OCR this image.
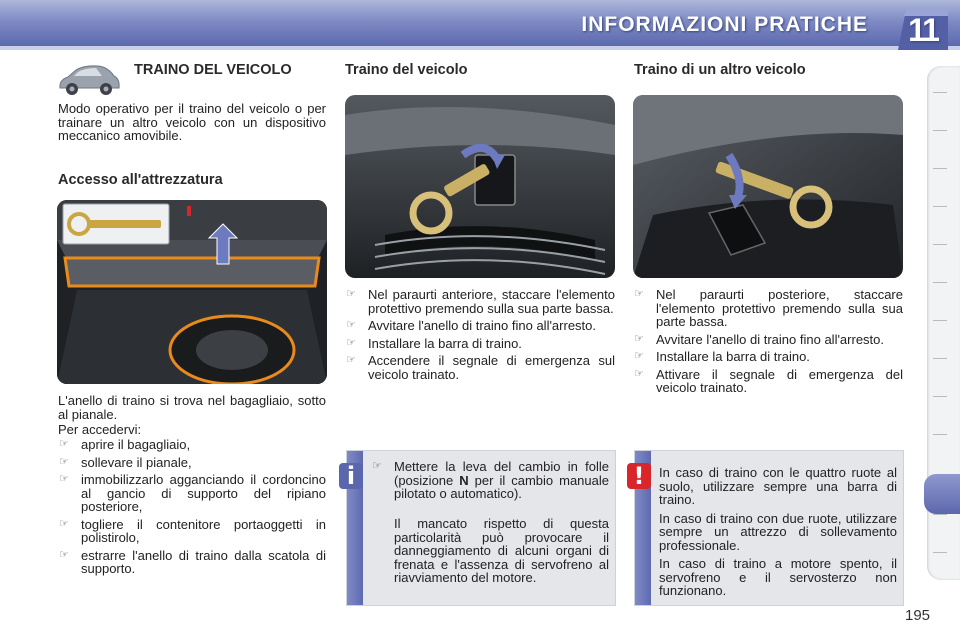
INFORMAZIONI PRATICHE	11
TRAINO DEL VEICOLO
Modo operativo per il traino del veicolo o per trainare un altro veicolo con un dispositivo meccanico amovibile.
Accesso all'attrezzatura
L'anello di traino si trova nel bagagliaio, sotto al pianale.
Per accedervi:
☞ aprire il bagagliaio,
☞ sollevare il pianale,
☞ immobilizzarlo agganciando il cordoncino al gancio di supporto del ripiano posteriore,
☞ togliere il contenitore portaoggetti in polistirolo,
☞ estrarre l'anello di traino dalla scatola di supporto.
Traino del veicolo
☞ Nel paraurti anteriore, staccare l'elemento protettivo premendo sulla sua parte bassa.
☞ Avvitare l'anello di traino fino all'arresto.
☞ Installare la barra di traino.
☞ Accendere il segnale di emergenza sul veicolo trainato.
Traino di un altro veicolo
☞ Nel paraurti posteriore, staccare l'elemento protettivo premendo sulla sua parte bassa.
☞ Avvitare l'anello di traino fino all'arresto.
☞ Installare la barra di traino.
☞ Attivare il segnale di emergenza del veicolo trainato.
i	☞ Mettere la leva del cambio in folle (posizione N per il cambio manuale pilotato o automatico).
Il mancato rispetto di questa particolarità può provocare il danneggiamento di alcuni organi di frenata e l'assenza di servofreno al riavviamento del motore.
!	In caso di traino con le quattro ruote al suolo, utilizzare sempre una barra di traino.
In caso di traino con due ruote, utilizzare sempre un attrezzo di sollevamento professionale.
In caso di traino a motore spento, il servofreno e il servosterzo non funzionano.
195
